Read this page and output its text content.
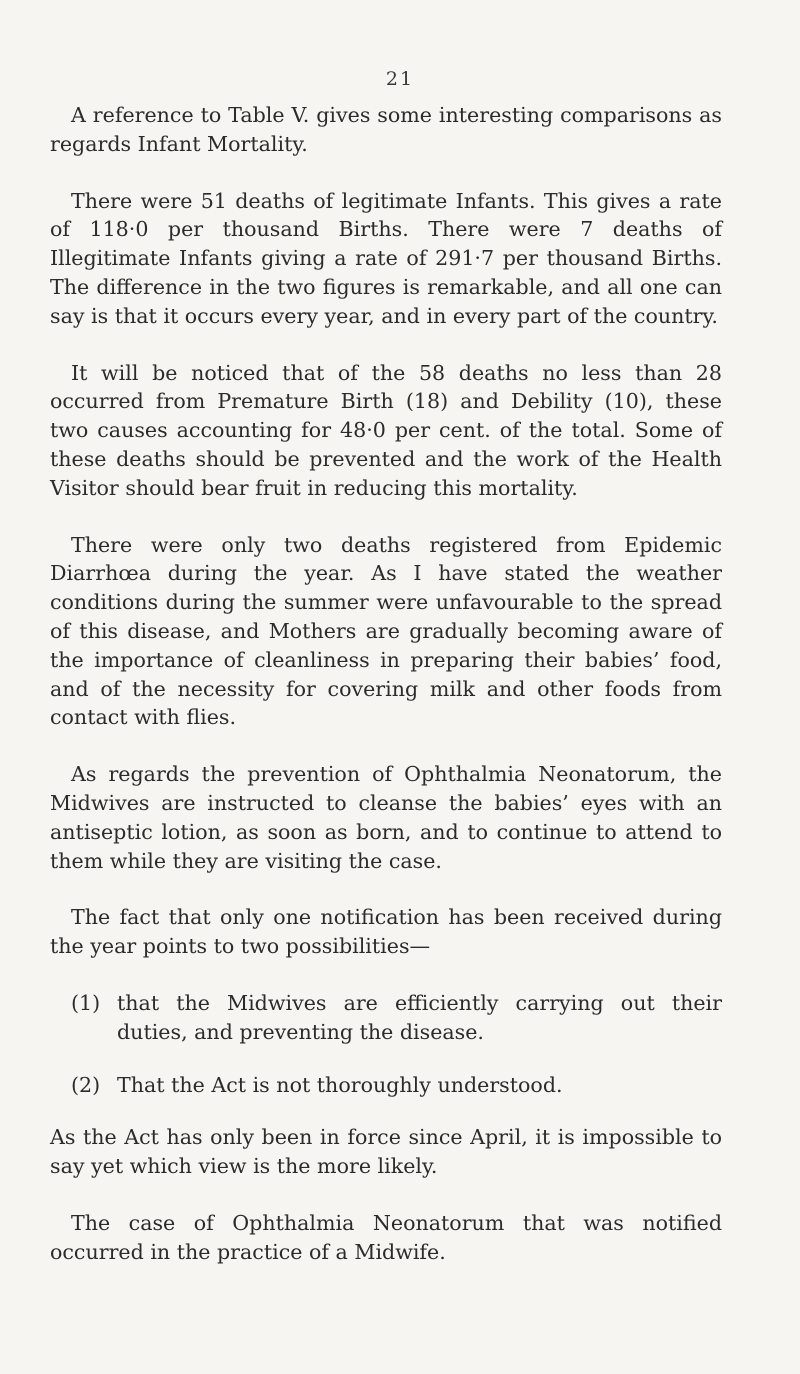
21

A reference to Table V. gives some interesting comparisons as regards Infant Mortality.

There were 51 deaths of legitimate Infants. This gives a rate of 118·0 per thousand Births. There were 7 deaths of Illegitimate Infants giving a rate of 291·7 per thousand Births. The difference in the two figures is remarkable, and all one can say is that it occurs every year, and in every part of the country.

It will be noticed that of the 58 deaths no less than 28 occurred from Premature Birth (18) and Debility (10), these two causes accounting for 48·0 per cent. of the total. Some of these deaths should be prevented and the work of the Health Visitor should bear fruit in reducing this mortality.

There were only two deaths registered from Epidemic Diarrhœa during the year. As I have stated the weather conditions during the summer were unfavourable to the spread of this disease, and Mothers are gradually becoming aware of the importance of cleanliness in preparing their babies’ food, and of the necessity for covering milk and other foods from contact with flies.

As regards the prevention of Ophthalmia Neonatorum, the Midwives are instructed to cleanse the babies’ eyes with an antiseptic lotion, as soon as born, and to continue to attend to them while they are visiting the case.

The fact that only one notification has been received during the year points to two possibilities—

(1) that the Midwives are efficiently carrying out their duties, and preventing the disease.
(2) That the Act is not thoroughly understood.

As the Act has only been in force since April, it is impossible to say yet which view is the more likely.

The case of Ophthalmia Neonatorum that was notified occurred in the practice of a Midwife.
